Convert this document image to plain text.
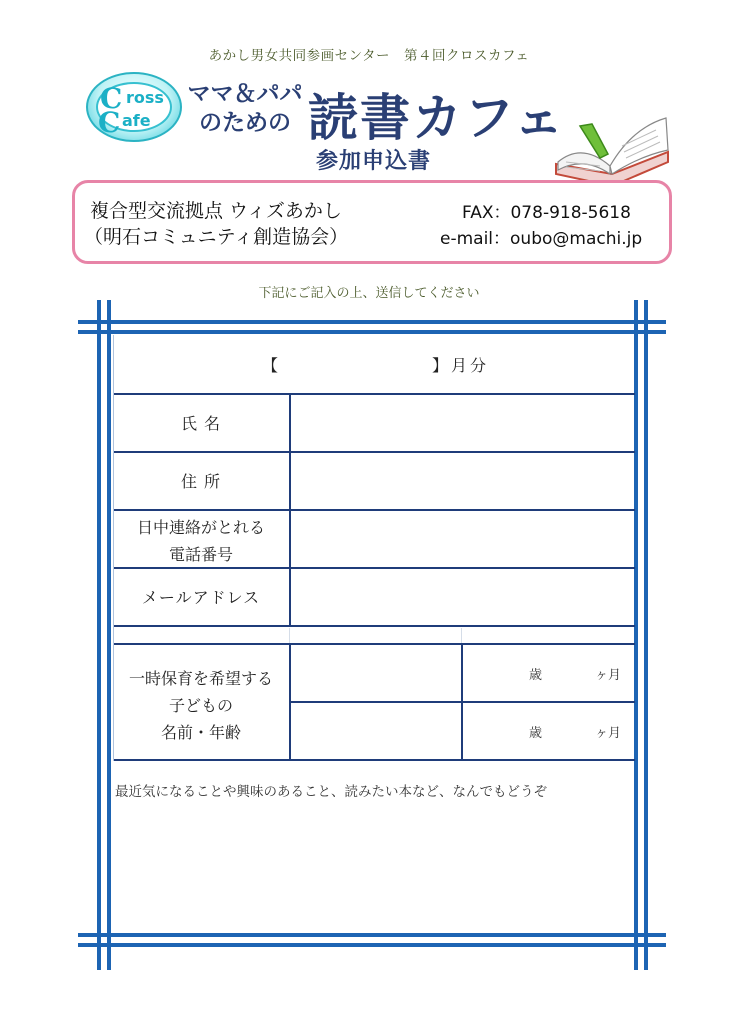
あかし男女共同参画センター　第４回クロスカフェ
C ross
C afe
ママ＆パパ
のための 読書カフェ
参加申込書
複合型交流拠点 ウィズあかし
（明石コミュニティ創造協会）
FAX：078-918-5618
e-mail：oubo@machi.jp
下記にご記入の上、送信してください
【	】月分
氏 名
住 所
日中連絡がとれる
電話番号
メールアドレス
一時保育を希望する
子どもの
名前・年齢
歳	ヶ月
歳	ヶ月
最近気になることや興味のあること、読みたい本など、なんでもどうぞ
